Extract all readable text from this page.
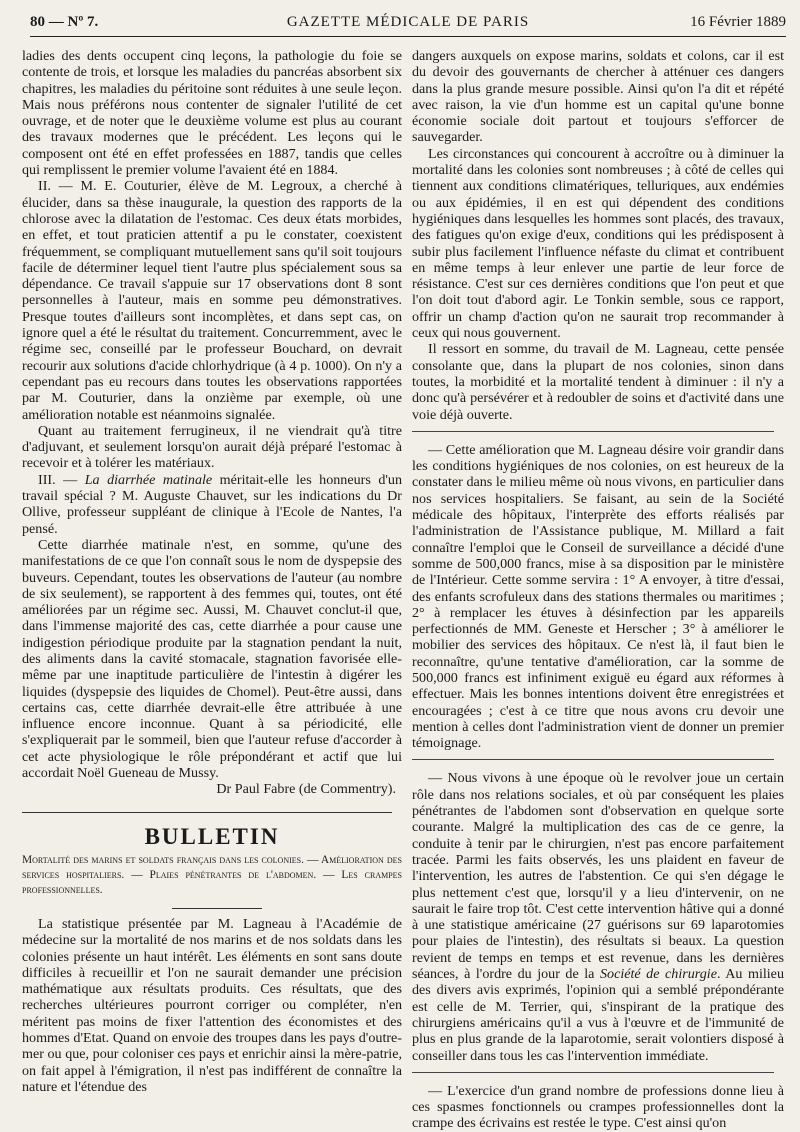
80 — Nº 7.	GAZETTE MÉDICALE DE PARIS	16 Février 1889

ladies des dents occupent cinq leçons, la pathologie du foie se contente de trois, et lorsque les maladies du pancréas absorbent six chapitres, les maladies du péritoine sont réduites à une seule leçon. Mais nous préférons nous contenter de signaler l'utilité de cet ouvrage, et de noter que le deuxième volume est plus au courant des travaux modernes que le précédent. Les leçons qui le composent ont été en effet professées en 1887, tandis que celles qui remplissent le premier volume l'avaient été en 1884.

II. — M. E. Couturier, élève de M. Legroux, a cherché à élucider, dans sa thèse inaugurale, la question des rapports de la chlorose avec la dilatation de l'estomac. Ces deux états morbides, en effet, et tout praticien attentif a pu le constater, coexistent fréquemment, se compliquant mutuellement sans qu'il soit toujours facile de déterminer lequel tient l'autre plus spécialement sous sa dépendance. Ce travail s'appuie sur 17 observations dont 8 sont personnelles à l'auteur, mais en somme peu démonstratives. Presque toutes d'ailleurs sont incomplètes, et dans sept cas, on ignore quel a été le résultat du traitement. Concurremment, avec le régime sec, conseillé par le professeur Bouchard, on devrait recourir aux solutions d'acide chlorhydrique (à 4 p. 1000). On n'y a cependant pas eu recours dans toutes les observations rapportées par M. Couturier, dans la onzième par exemple, où une amélioration notable est néanmoins signalée.

Quant au traitement ferrugineux, il ne viendrait qu'à titre d'adjuvant, et seulement lorsqu'on aurait déjà préparé l'estomac à recevoir et à tolérer les matériaux.

III. — La diarrhée matinale méritait-elle les honneurs d'un travail spécial ? M. Auguste Chauvet, sur les indications du Dr Ollive, professeur suppléant de clinique à l'Ecole de Nantes, l'a pensé.

Cette diarrhée matinale n'est, en somme, qu'une des manifestations de ce que l'on connaît sous le nom de dyspepsie des buveurs. Cependant, toutes les observations de l'auteur (au nombre de six seulement), se rapportent à des femmes qui, toutes, ont été améliorées par un régime sec. Aussi, M. Chauvet conclut-il que, dans l'immense majorité des cas, cette diarrhée a pour cause une indigestion périodique produite par la stagnation pendant la nuit, des aliments dans la cavité stomacale, stagnation favorisée elle-même par une inaptitude particulière de l'intestin à digérer les liquides (dyspepsie des liquides de Chomel). Peut-être aussi, dans certains cas, cette diarrhée devrait-elle être attribuée à une influence encore inconnue. Quant à sa périodicité, elle s'expliquerait par le sommeil, bien que l'auteur refuse d'accorder à cet acte physiologique le rôle prépondérant et actif que lui accordait Noël Gueneau de Mussy.

Dr Paul Fabre (de Commentry).
BULLETIN
Mortalité des marins et soldats français dans les colonies. — Amélioration des services hospitaliers. — Plaies pénétrantes de l'abdomen. — Les crampes professionnelles.

La statistique présentée par M. Lagneau à l'Académie de médecine sur la mortalité de nos marins et de nos soldats dans les colonies présente un haut intérêt. Les éléments en sont sans doute difficiles à recueillir et l'on ne saurait demander une précision mathématique aux résultats produits. Ces résultats, que des recherches ultérieures pourront corriger ou compléter, n'en méritent pas moins de fixer l'attention des économistes et des hommes d'Etat. Quand on envoie des troupes dans les pays d'outre-mer ou que, pour coloniser ces pays et enrichir ainsi la mère-patrie, on fait appel à l'émigration, il n'est pas indifférent de connaître la nature et l'étendue des

dangers auxquels on expose marins, soldats et colons, car il est du devoir des gouvernants de chercher à atténuer ces dangers dans la plus grande mesure possible. Ainsi qu'on l'a dit et répété avec raison, la vie d'un homme est un capital qu'une bonne économie sociale doit partout et toujours s'efforcer de sauvegarder.

Les circonstances qui concourent à accroître ou à diminuer la mortalité dans les colonies sont nombreuses ; à côté de celles qui tiennent aux conditions climatériques, telluriques, aux endémies ou aux épidémies, il en est qui dépendent des conditions hygiéniques dans lesquelles les hommes sont placés, des travaux, des fatigues qu'on exige d'eux, conditions qui les prédisposent à subir plus facilement l'influence néfaste du climat et contribuent en même temps à leur enlever une partie de leur force de résistance. C'est sur ces dernières conditions que l'on peut et que l'on doit tout d'abord agir. Le Tonkin semble, sous ce rapport, offrir un champ d'action qu'on ne saurait trop recommander à ceux qui nous gouvernent.

Il ressort en somme, du travail de M. Lagneau, cette pensée consolante que, dans la plupart de nos colonies, sinon dans toutes, la morbidité et la mortalité tendent à diminuer : il n'y a donc qu'à persévérer et à redoubler de soins et d'activité dans une voie déjà ouverte.

— Cette amélioration que M. Lagneau désire voir grandir dans les conditions hygiéniques de nos colonies, on est heureux de la constater dans le milieu même où nous vivons, en particulier dans nos services hospitaliers. Se faisant, au sein de la Société médicale des hôpitaux, l'interprète des efforts réalisés par l'administration de l'Assistance publique, M. Millard a fait connaître l'emploi que le Conseil de surveillance a décidé d'une somme de 500,000 francs, mise à sa disposition par le ministère de l'Intérieur. Cette somme servira : 1° A envoyer, à titre d'essai, des enfants scrofuleux dans des stations thermales ou maritimes ; 2° à remplacer les étuves à désinfection par les appareils perfectionnés de MM. Geneste et Herscher ; 3° à améliorer le mobilier des services des hôpitaux. Ce n'est là, il faut bien le reconnaître, qu'une tentative d'amélioration, car la somme de 500,000 francs est infiniment exiguë eu égard aux réformes à effectuer. Mais les bonnes intentions doivent être enregistrées et encouragées ; c'est à ce titre que nous avons cru devoir une mention à celles dont l'administration vient de donner un premier témoignage.

— Nous vivons à une époque où le revolver joue un certain rôle dans nos relations sociales, et où par conséquent les plaies pénétrantes de l'abdomen sont d'observation en quelque sorte courante. Malgré la multiplication des cas de ce genre, la conduite à tenir par le chirurgien, n'est pas encore parfaitement tracée. Parmi les faits observés, les uns plaident en faveur de l'intervention, les autres de l'abstention. Ce qui s'en dégage le plus nettement c'est que, lorsqu'il y a lieu d'intervenir, on ne saurait le faire trop tôt. C'est cette intervention hâtive qui a donné à une statistique américaine (27 guérisons sur 69 laparotomies pour plaies de l'intestin), des résultats si beaux. La question revient de temps en temps et est revenue, dans les dernières séances, à l'ordre du jour de la Société de chirurgie. Au milieu des divers avis exprimés, l'opinion qui a semblé prépondérante est celle de M. Terrier, qui, s'inspirant de la pratique des chirurgiens américains qu'il a vus à l'œuvre et de l'immunité de plus en plus grande de la laparotomie, serait volontiers disposé à conseiller dans tous les cas l'intervention immédiate.

— L'exercice d'un grand nombre de professions donne lieu à ces spasmes fonctionnels ou crampes professionnelles dont la crampe des écrivains est restée le type. C'est ainsi qu'on
